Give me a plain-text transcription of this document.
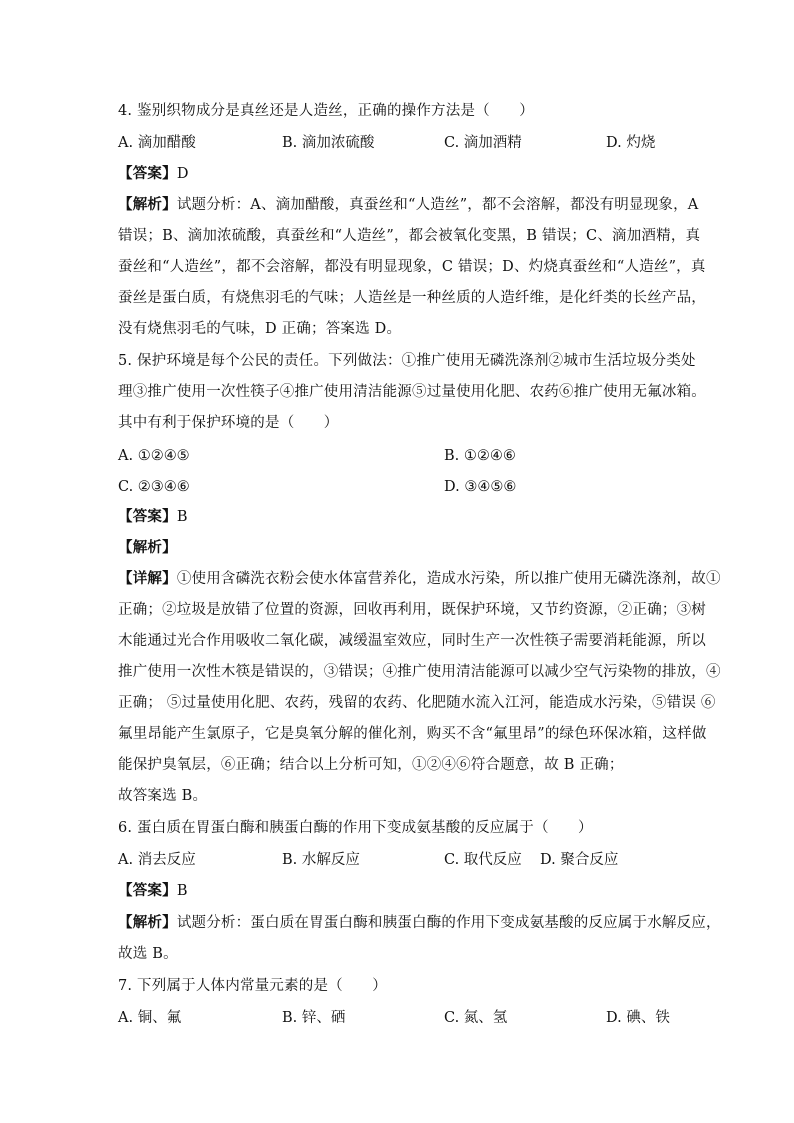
4. 鉴别织物成分是真丝还是人造丝，正确的操作方法是（　　）
A. 滴加醋酸	B. 滴加浓硫酸	C. 滴加酒精	D. 灼烧
【答案】D
【解析】试题分析：A、滴加醋酸，真蚕丝和“人造丝”，都不会溶解，都没有明显现象，A
错误；B、滴加浓硫酸，真蚕丝和“人造丝”，都会被氧化变黑，B 错误；C、滴加酒精，真
蚕丝和“人造丝”，都不会溶解，都没有明显现象，C 错误；D、灼烧真蚕丝和“人造丝”，真
蚕丝是蛋白质，有烧焦羽毛的气味；人造丝是一种丝质的人造纤维，是化纤类的长丝产品，
没有烧焦羽毛的气味，D 正确；答案选 D。
5. 保护环境是每个公民的责任。下列做法：①推广使用无磷洗涤剂②城市生活垃圾分类处
理③推广使用一次性筷子④推广使用清洁能源⑤过量使用化肥、农药⑥推广使用无氟冰箱。
其中有利于保护环境的是（　　）
A. ①②④⑤	B. ①②④⑥
C. ②③④⑥	D. ③④⑤⑥
【答案】B
【解析】
【详解】①使用含磷洗衣粉会使水体富营养化，造成水污染，所以推广使用无磷洗涤剂，故①
正确；②垃圾是放错了位置的资源，回收再利用，既保护环境，又节约资源，②正确；③树
木能通过光合作用吸收二氧化碳，减缓温室效应，同时生产一次性筷子需要消耗能源，所以
推广使用一次性木筷是错误的，③错误；④推广使用清洁能源可以减少空气污染物的排放，④
正确； ⑤过量使用化肥、农药，残留的农药、化肥随水流入江河，能造成水污染，⑤错误 ⑥
氟里昂能产生氯原子，它是臭氧分解的催化剂，购买不含“氟里昂”的绿色环保冰箱，这样做
能保护臭氧层，⑥正确；结合以上分析可知，①②④⑥符合题意，故 B 正确；
故答案选 B。
6. 蛋白质在胃蛋白酶和胰蛋白酶的作用下变成氨基酸的反应属于（　　）
A. 消去反应	B. 水解反应	C. 取代反应 D. 聚合反应
【答案】B
【解析】试题分析：蛋白质在胃蛋白酶和胰蛋白酶的作用下变成氨基酸的反应属于水解反应，
故选 B。
7. 下列属于人体内常量元素的是（　　）
A. 铜、氟	B. 锌、硒	C. 氮、氢	D. 碘、铁
